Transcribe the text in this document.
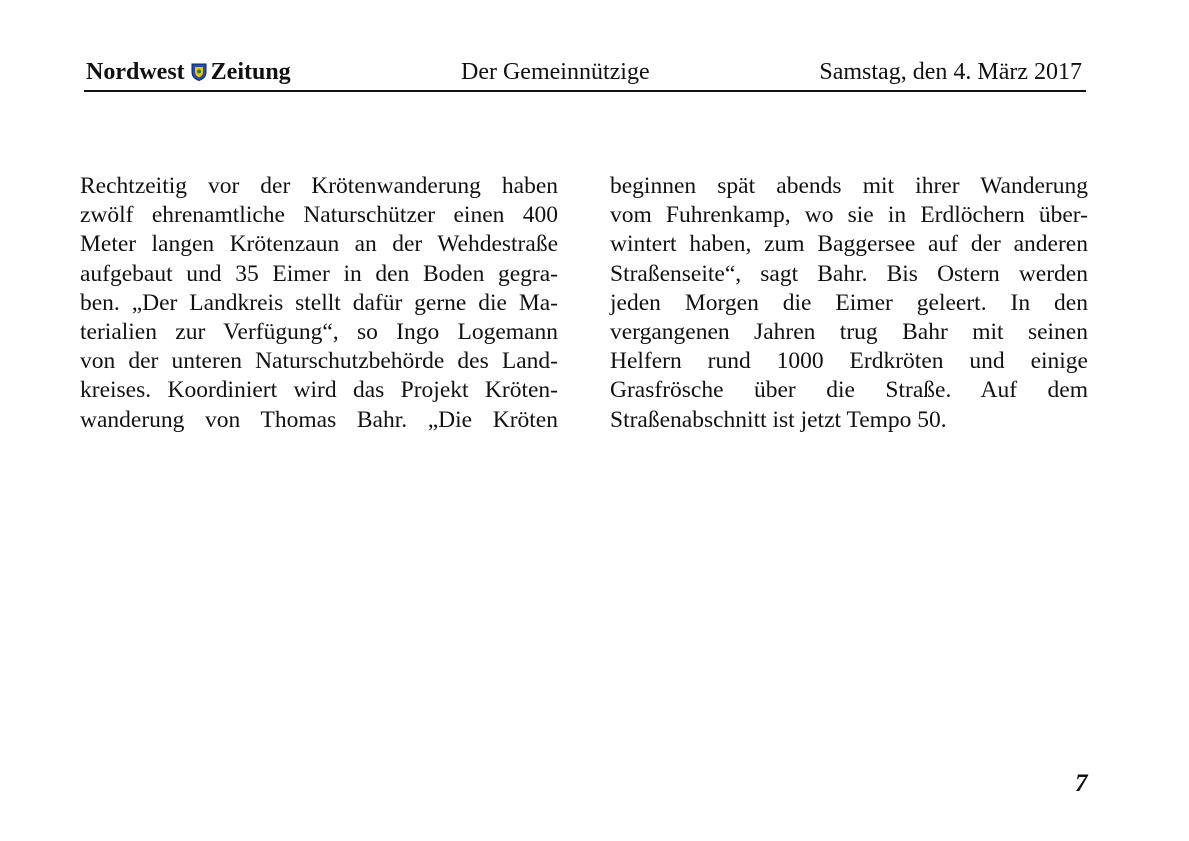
Nordwest Zeitung	Der Gemeinnützige	Samstag, den 4. März 2017
Rechtzeitig vor der Krötenwanderung haben
zwölf ehrenamtliche Naturschützer einen 400
Meter langen Krötenzaun an der Wehdestraße
aufgebaut und 35 Eimer in den Boden gegra-
ben. „Der Landkreis stellt dafür gerne die Ma-
terialien zur Verfügung“, so Ingo Logemann
von der unteren Naturschutzbehörde des Land-
kreises. Koordiniert wird das Projekt Kröten-
wanderung von Thomas Bahr. „Die Kröten
beginnen spät abends mit ihrer Wanderung
vom Fuhrenkamp, wo sie in Erdlöchern über-
wintert haben, zum Baggersee auf der anderen
Straßenseite“, sagt Bahr. Bis Ostern werden
jeden Morgen die Eimer geleert. In den
vergangenen Jahren trug Bahr mit seinen
Helfern rund 1000 Erdkröten und einige
Grasfrösche über die Straße. Auf dem
Straßenabschnitt ist jetzt Tempo 50.
7
